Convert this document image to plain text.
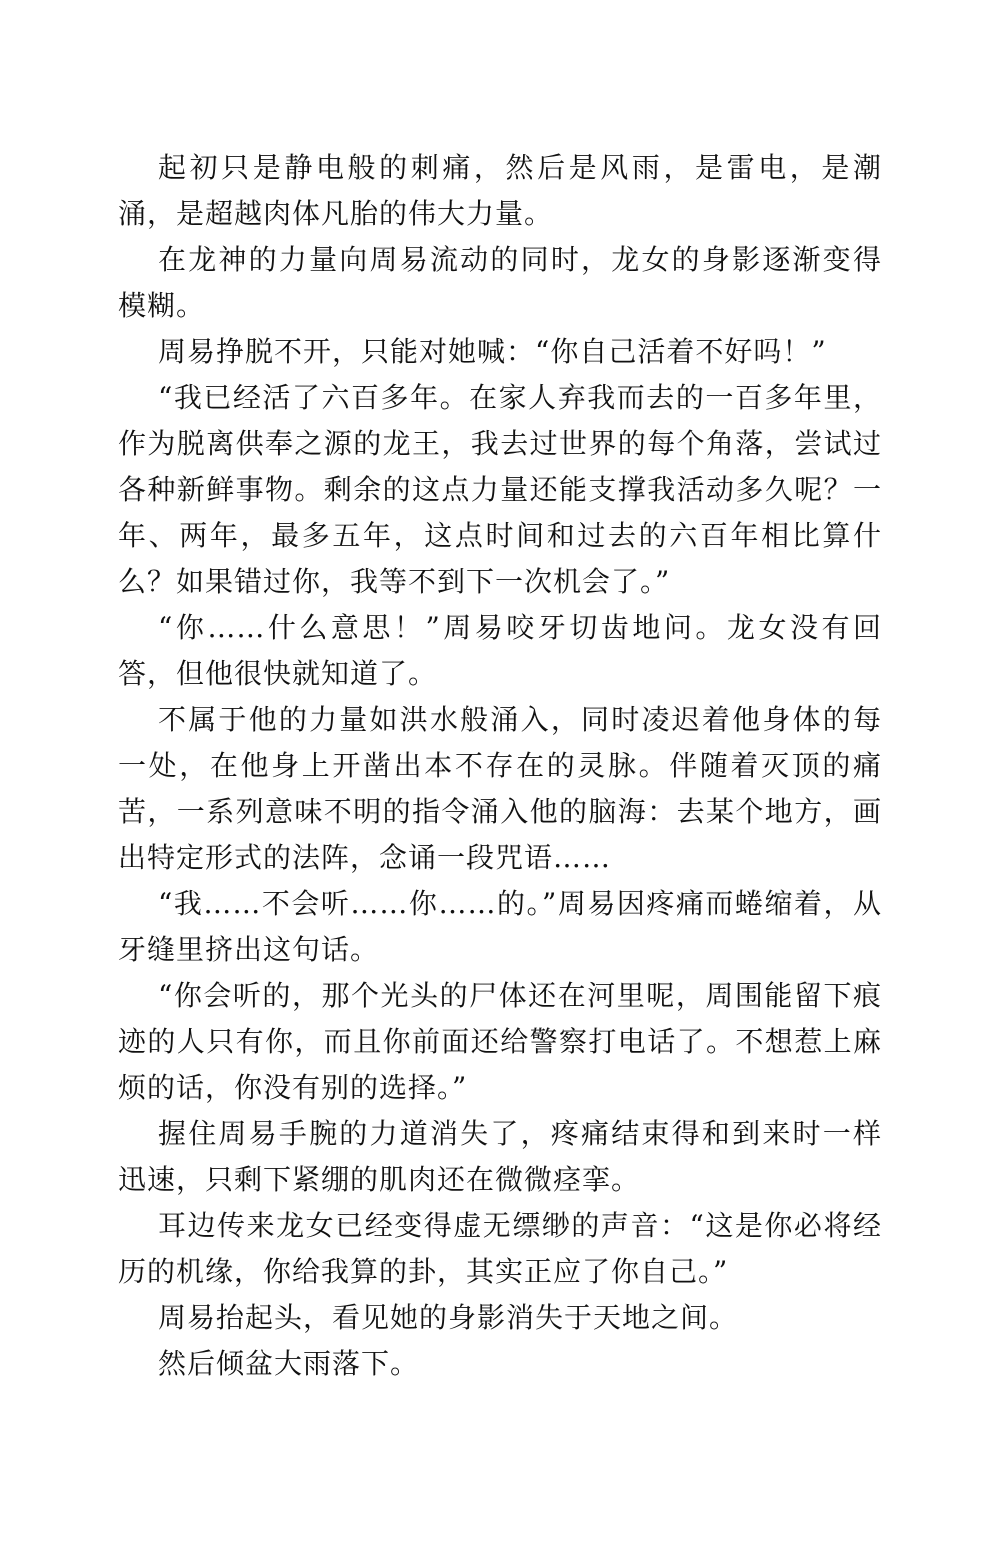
起初只是静电般的刺痛，然后是风雨，是雷电，是潮涌，是超越肉体凡胎的伟大力量。

在龙神的力量向周易流动的同时，龙女的身影逐渐变得模糊。

周易挣脱不开，只能对她喊：“你自己活着不好吗！”

“我已经活了六百多年。在家人弃我而去的一百多年里，作为脱离供奉之源的龙王，我去过世界的每个角落，尝试过各种新鲜事物。剩余的这点力量还能支撑我活动多久呢？一年、两年，最多五年，这点时间和过去的六百年相比算什么？如果错过你，我等不到下一次机会了。”

“你……什么意思！”周易咬牙切齿地问。龙女没有回答，但他很快就知道了。

不属于他的力量如洪水般涌入，同时凌迟着他身体的每一处，在他身上开凿出本不存在的灵脉。伴随着灭顶的痛苦，一系列意味不明的指令涌入他的脑海：去某个地方，画出特定形式的法阵，念诵一段咒语……

“我……不会听……你……的。”周易因疼痛而蜷缩着，从牙缝里挤出这句话。

“你会听的，那个光头的尸体还在河里呢，周围能留下痕迹的人只有你，而且你前面还给警察打电话了。不想惹上麻烦的话，你没有别的选择。”

握住周易手腕的力道消失了，疼痛结束得和到来时一样迅速，只剩下紧绷的肌肉还在微微痉挛。

耳边传来龙女已经变得虚无缥缈的声音：“这是你必将经历的机缘，你给我算的卦，其实正应了你自己。”

周易抬起头，看见她的身影消失于天地之间。

然后倾盆大雨落下。
